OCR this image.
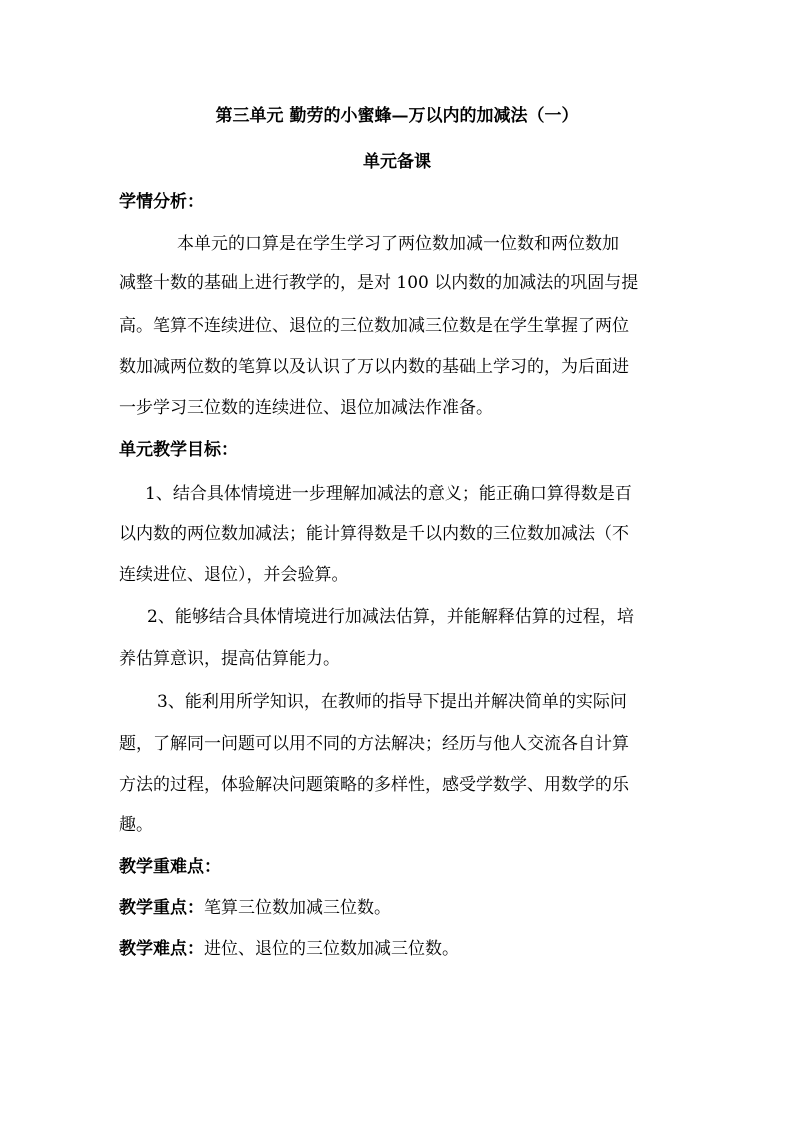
第三单元 勤劳的小蜜蜂—万以内的加减法（一）
单元备课
学情分析：
本单元的口算是在学生学习了两位数加减一位数和两位数加
减整十数的基础上进行教学的，是对 100 以内数的加减法的巩固与提
高。笔算不连续进位、退位的三位数加减三位数是在学生掌握了两位
数加减两位数的笔算以及认识了万以内数的基础上学习的，为后面进
一步学习三位数的连续进位、退位加减法作准备。
单元教学目标：
1、结合具体情境进一步理解加减法的意义；能正确口算得数是百
以内数的两位数加减法；能计算得数是千以内数的三位数加减法（不
连续进位、退位），并会验算。
2、能够结合具体情境进行加减法估算，并能解释估算的过程，培
养估算意识，提高估算能力。
3、能利用所学知识，在教师的指导下提出并解决简单的实际问
题，了解同一问题可以用不同的方法解决；经历与他人交流各自计算
方法的过程，体验解决问题策略的多样性，感受学数学、用数学的乐
趣。
教学重难点：
教学重点：笔算三位数加减三位数。
教学难点：进位、退位的三位数加减三位数。
